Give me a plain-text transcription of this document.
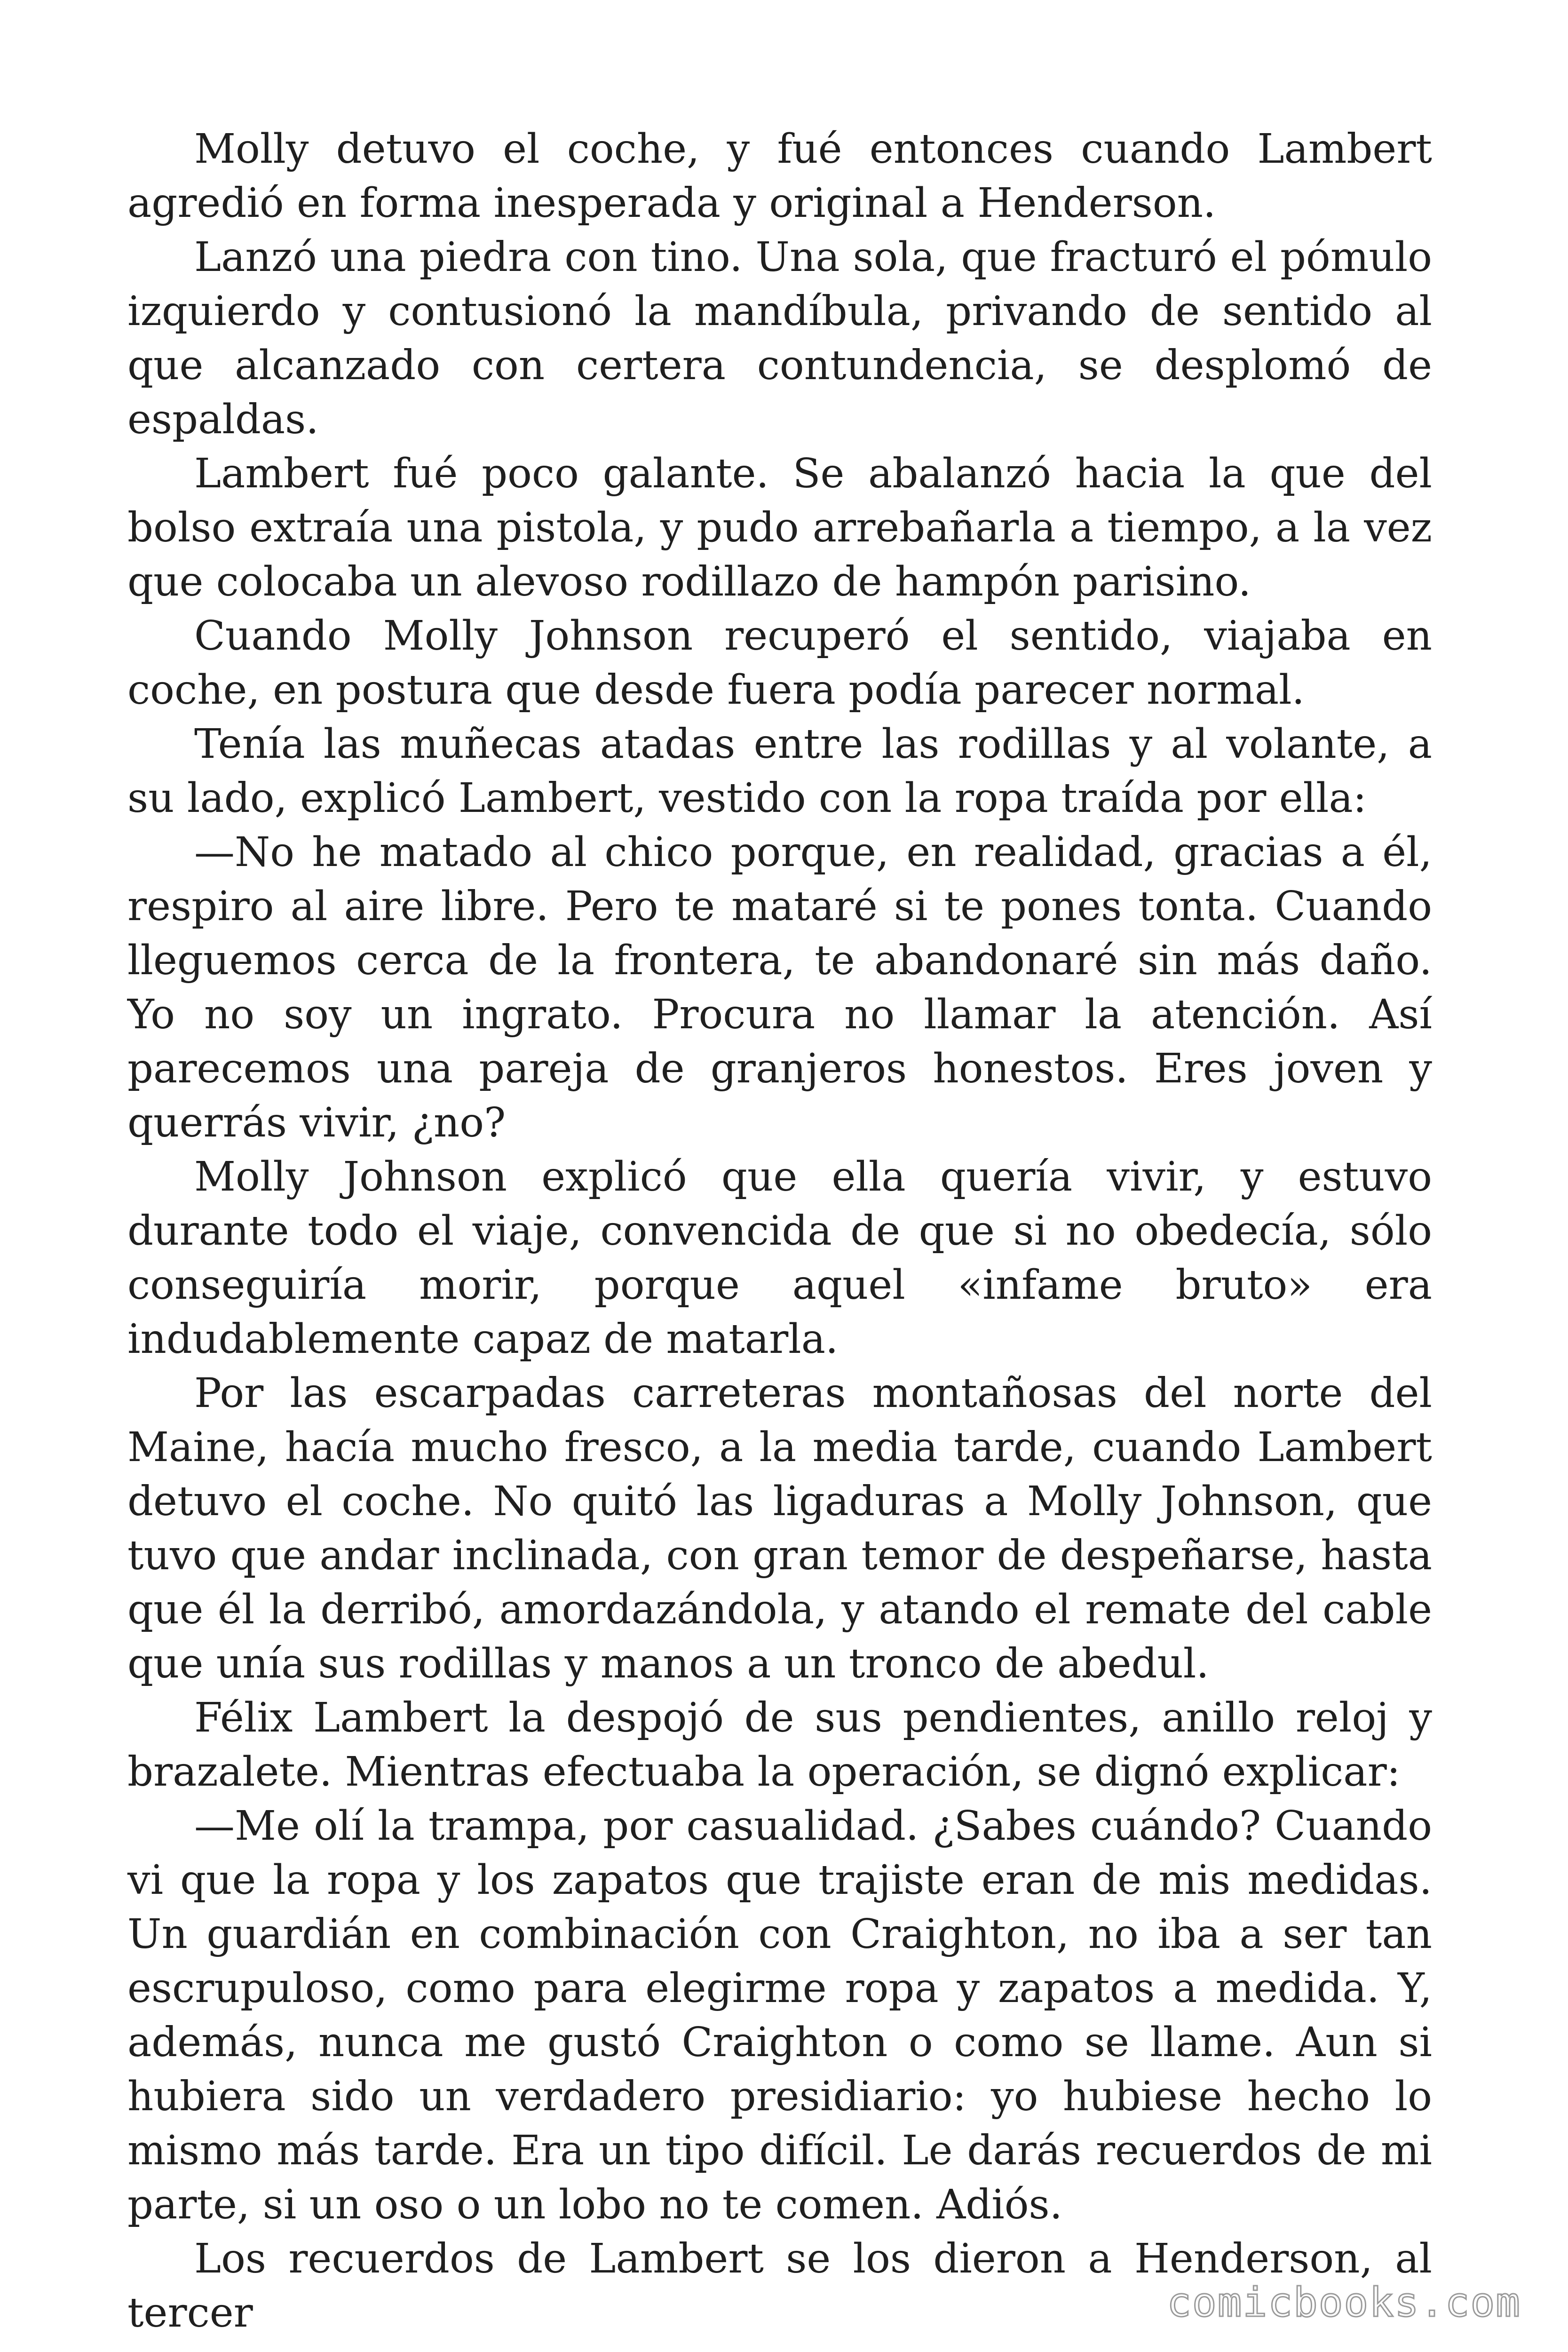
Molly detuvo el coche, y fué entonces cuando Lambert agredió en forma inesperada y original a Henderson.

Lanzó una piedra con tino. Una sola, que fracturó el pómulo izquierdo y contusionó la mandíbula, privando de sentido al que alcanzado con certera contundencia, se desplomó de espaldas.

Lambert fué poco galante. Se abalanzó hacia la que del bolso extraía una pistola, y pudo arrebañarla a tiempo, a la vez que colocaba un alevoso rodillazo de hampón parisino.

Cuando Molly Johnson recuperó el sentido, viajaba en coche, en postura que desde fuera podía parecer normal.

Tenía las muñecas atadas entre las rodillas y al volante, a su lado, explicó Lambert, vestido con la ropa traída por ella:

—No he matado al chico porque, en realidad, gracias a él, respiro al aire libre. Pero te mataré si te pones tonta. Cuando lleguemos cerca de la frontera, te abandonaré sin más daño. Yo no soy un ingrato. Procura no llamar la atención. Así parecemos una pareja de granjeros honestos. Eres joven y querrás vivir, ¿no?

Molly Johnson explicó que ella quería vivir, y estuvo durante todo el viaje, convencida de que si no obedecía, sólo conseguiría morir, porque aquel «infame bruto» era indudablemente capaz de matarla.

Por las escarpadas carreteras montañosas del norte del Maine, hacía mucho fresco, a la media tarde, cuando Lambert detuvo el coche. No quitó las ligaduras a Molly Johnson, que tuvo que andar inclinada, con gran temor de despeñarse, hasta que él la derribó, amordazándola, y atando el remate del cable que unía sus rodillas y manos a un tronco de abedul.

Félix Lambert la despojó de sus pendientes, anillo reloj y brazalete. Mientras efectuaba la operación, se dignó explicar:

—Me olí la trampa, por casualidad. ¿Sabes cuándo? Cuando vi que la ropa y los zapatos que trajiste eran de mis medidas. Un guardián en combinación con Craighton, no iba a ser tan escrupuloso, como para elegirme ropa y zapatos a medida. Y, además, nunca me gustó Craighton o como se llame. Aun si hubiera sido un verdadero presidiario: yo hubiese hecho lo mismo más tarde. Era un tipo difícil. Le darás recuerdos de mi parte, si un oso o un lobo no te comen. Adiós.

Los recuerdos de Lambert se los dieron a Henderson, al tercer	comicbooks.com
